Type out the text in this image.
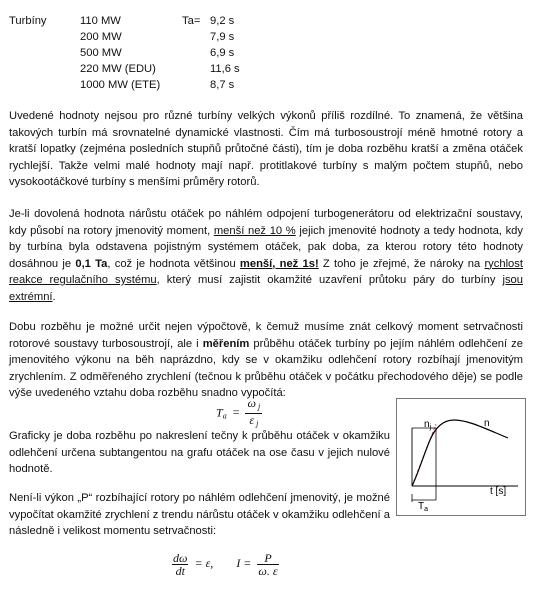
Turbíny	Ta=
110 MW	9,2 s
200 MW	7,9 s
500 MW	6,9 s
220 MW (EDU)	11,6 s
1000 MW (ETE)	8,7 s

Uvedené hodnoty nejsou pro různé turbíny velkých výkonů příliš rozdílné. To znamená, že většina takových turbín má srovnatelné dynamické vlastnosti. Čím má turbosoustrojí méně hmotné rotory a kratší lopatky (zejména posledních stupňů průtočné části), tím je doba rozběhu kratší a změna otáček rychlejší. Takže velmi malé hodnoty mají např. protitlakové turbíny s malým počtem stupňů, nebo vysokootáčkové turbíny s menšími průměry rotorů.

Je-li dovolená hodnota nárůstu otáček po náhlém odpojení turbogenerátoru od elektrizační soustavy, kdy působí na rotory jmenovitý moment, menší než 10 % jejich jmenovité hodnoty a tedy hodnota, kdy by turbína byla odstavena pojistným systémem otáček, pak doba, za kterou rotory této hodnoty dosáhnou je 0,1 Ta, což je hodnota většinou menší, než 1s! Z toho je zřejmé, že nároky na rychlost reakce regulačního systému, který musí zajistit okamžité uzavření průtoku páry do turbíny jsou extrémní.

Dobu rozběhu je možné určit nejen výpočtově, k čemuž musíme znát celkový moment setrvačnosti rotorové soustavy turbosoustrojí, ale i měřením průběhu otáček turbíny po jejím náhlém odlehčení ze jmenovitého výkonu na běh naprázdno, kdy se v okamžiku odlehčení rotory rozbíhají jmenovitým zrychlením. Z odměřeného zrychlení (tečnou k průběhu otáček v počátku přechodového děje) se podle výše uvedeného vztahu doba rozběhu snadno vypočítá:

$T_a = \frac{\omega _j}{\varepsilon _j}$

Graficky je doba rozběhu po nakreslení tečny k průběhu otáček v okamžiku odlehčení určena subtangentou na grafu otáček na ose času v jejich nulové hodnotě.

Není-li výkon „P“ rozbíhající rotory po náhlém odlehčení jmenovitý, je možné vypočítat okamžité zrychlení z trendu nárůstu otáček v okamžiku odlehčení a následně i velikost momentu setrvačnosti:

$\frac{d\omega}{dt} = \varepsilon$, $I = \frac{P}{\omega. \varepsilon}$
n
$n_j$
t [s]
$T_a$
